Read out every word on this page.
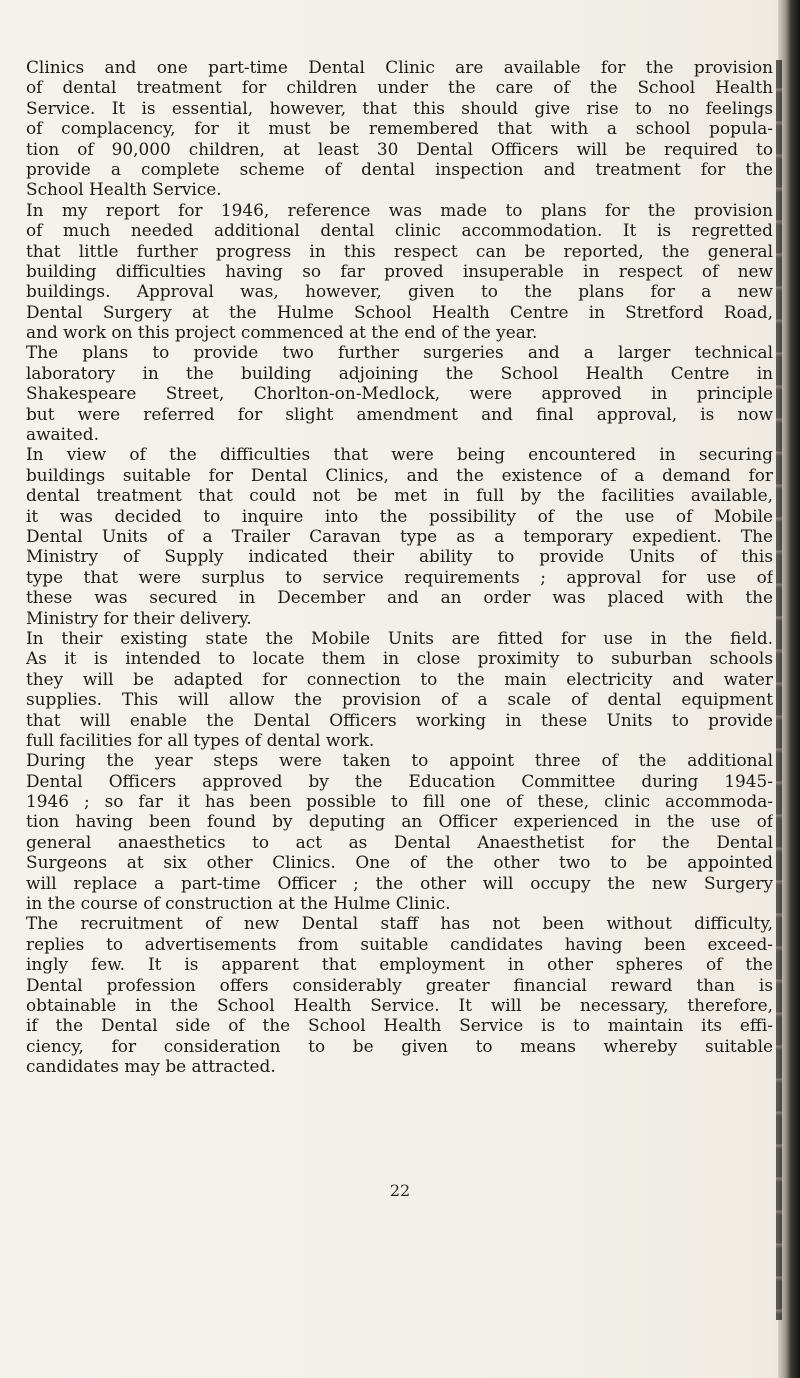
Clinics and one part-time Dental Clinic are available for the provision
of dental treatment for children under the care of the School Health
Service. It is essential, however, that this should give rise to no feelings
of complacency, for it must be remembered that with a school popula-
tion of 90,000 children, at least 30 Dental Officers will be required to
provide a complete scheme of dental inspection and treatment for the
School Health Service.
In my report for 1946, reference was made to plans for the provision
of much needed additional dental clinic accommodation. It is regretted
that little further progress in this respect can be reported, the general
building difficulties having so far proved insuperable in respect of new
buildings. Approval was, however, given to the plans for a new
Dental Surgery at the Hulme School Health Centre in Stretford Road,
and work on this project commenced at the end of the year.
The plans to provide two further surgeries and a larger technical
laboratory in the building adjoining the School Health Centre in
Shakespeare Street, Chorlton-on-Medlock, were approved in principle
but were referred for slight amendment and final approval, is now
awaited.
In view of the difficulties that were being encountered in securing
buildings suitable for Dental Clinics, and the existence of a demand for
dental treatment that could not be met in full by the facilities available,
it was decided to inquire into the possibility of the use of Mobile
Dental Units of a Trailer Caravan type as a temporary expedient. The
Ministry of Supply indicated their ability to provide Units of this
type that were surplus to service requirements ; approval for use of
these was secured in December and an order was placed with the
Ministry for their delivery.
In their existing state the Mobile Units are fitted for use in the field.
As it is intended to locate them in close proximity to suburban schools
they will be adapted for connection to the main electricity and water
supplies. This will allow the provision of a scale of dental equipment
that will enable the Dental Officers working in these Units to provide
full facilities for all types of dental work.
During the year steps were taken to appoint three of the additional
Dental Officers approved by the Education Committee during 1945-
1946 ; so far it has been possible to fill one of these, clinic accommoda-
tion having been found by deputing an Officer experienced in the use of
general anaesthetics to act as Dental Anaesthetist for the Dental
Surgeons at six other Clinics. One of the other two to be appointed
will replace a part-time Officer ; the other will occupy the new Surgery
in the course of construction at the Hulme Clinic.
The recruitment of new Dental staff has not been without difficulty,
replies to advertisements from suitable candidates having been exceed-
ingly few. It is apparent that employment in other spheres of the
Dental profession offers considerably greater financial reward than is
obtainable in the School Health Service. It will be necessary, therefore,
if the Dental side of the School Health Service is to maintain its effi-
ciency, for consideration to be given to means whereby suitable
candidates may be attracted.
22
